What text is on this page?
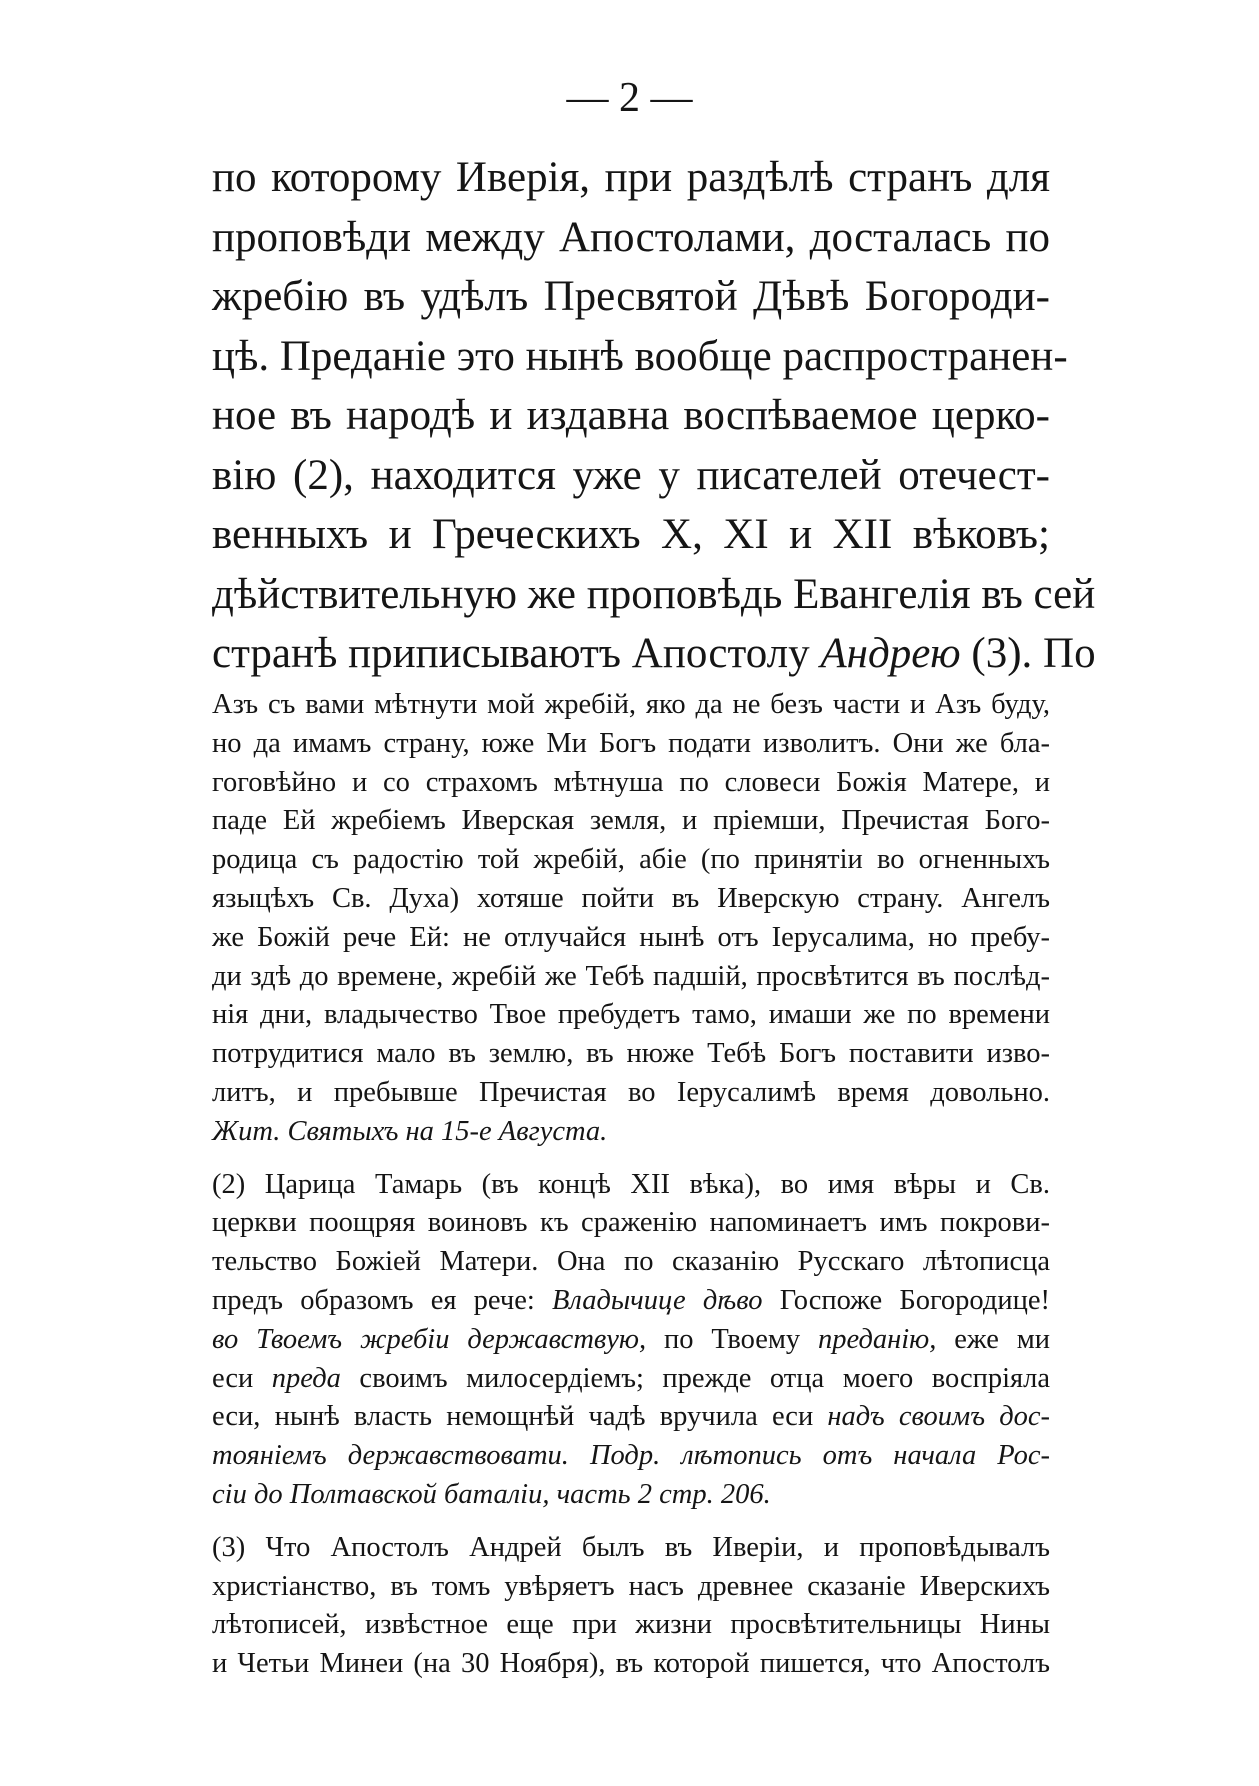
— 2 —
по которому Иверія, при раздѣлѣ странъ для
проповѣди между Апостолами, досталась по
жребію въ удѣлъ Пресвятой Дѣвѣ Богороди-
цѣ. Преданіе это нынѣ вообще распространен-
ное въ народѣ и издавна воспѣваемое церко-
вію (2), находится уже у писателей отечест-
венныхъ и Греческихъ X, XI и XII вѣковъ;
дѣйствительную же проповѣдь Евангелія въ сей
странѣ приписываютъ Апостолу Андрею (3). По
Азъ съ вами мѣтнути мой жребій, яко да не безъ части и Азъ буду,
но да имамъ страну, юже Ми Богъ подати изволитъ. Они же бла-
гоговѣйно и со страхомъ мѣтнуша по словеси Божія Матере, и
паде Ей жребіемъ Иверская земля, и пріемши, Пречистая Бого-
родица съ радостію той жребій, абіе (по принятіи во огненныхъ
языцѣхъ Св. Духа) хотяше пойти въ Иверскую страну. Ангелъ
же Божій рече Ей: не отлучайся нынѣ отъ Іерусалима, но пребу-
ди здѣ до времене, жребій же Тебѣ падшій, просвѣтится въ послѣд-
нія дни, владычество Твое пребудетъ тамо, имаши же по времени
потрудитися мало въ землю, въ нюже Тебѣ Богъ поставити изво-
литъ, и пребывше Пречистая во Іерусалимѣ время довольно.
Жит. Святыхъ на 15-е Августа.
(2) Царица Тамарь (въ концѣ XII вѣка), во имя вѣры и Св.
церкви поощряя воиновъ къ сраженію напоминаетъ имъ покрови-
тельство Божіей Матери. Она по сказанію Русскаго лѣтописца
предъ образомъ ея рече: Владычице дѣво Госпоже Богородице!
во Твоемъ жребіи державствую, по Твоему преданію, еже ми
еси преда своимъ милосердіемъ; прежде отца моего воспріяла
еси, нынѣ власть немощнѣй чадѣ вручила еси надъ своимъ дос-
тояніемъ державствовати. Подр. лѣтопись отъ начала Рос-
сіи до Полтавской баталіи, часть 2 стр. 206.
(3) Что Апостолъ Андрей былъ въ Иверіи, и проповѣдывалъ
христіанство, въ томъ увѣряетъ насъ древнее сказаніе Иверскихъ
лѣтописей, извѣстное еще при жизни просвѣтительницы Нины
и Четьи Минеи (на 30 Ноября), въ которой пишется, что Апостолъ
